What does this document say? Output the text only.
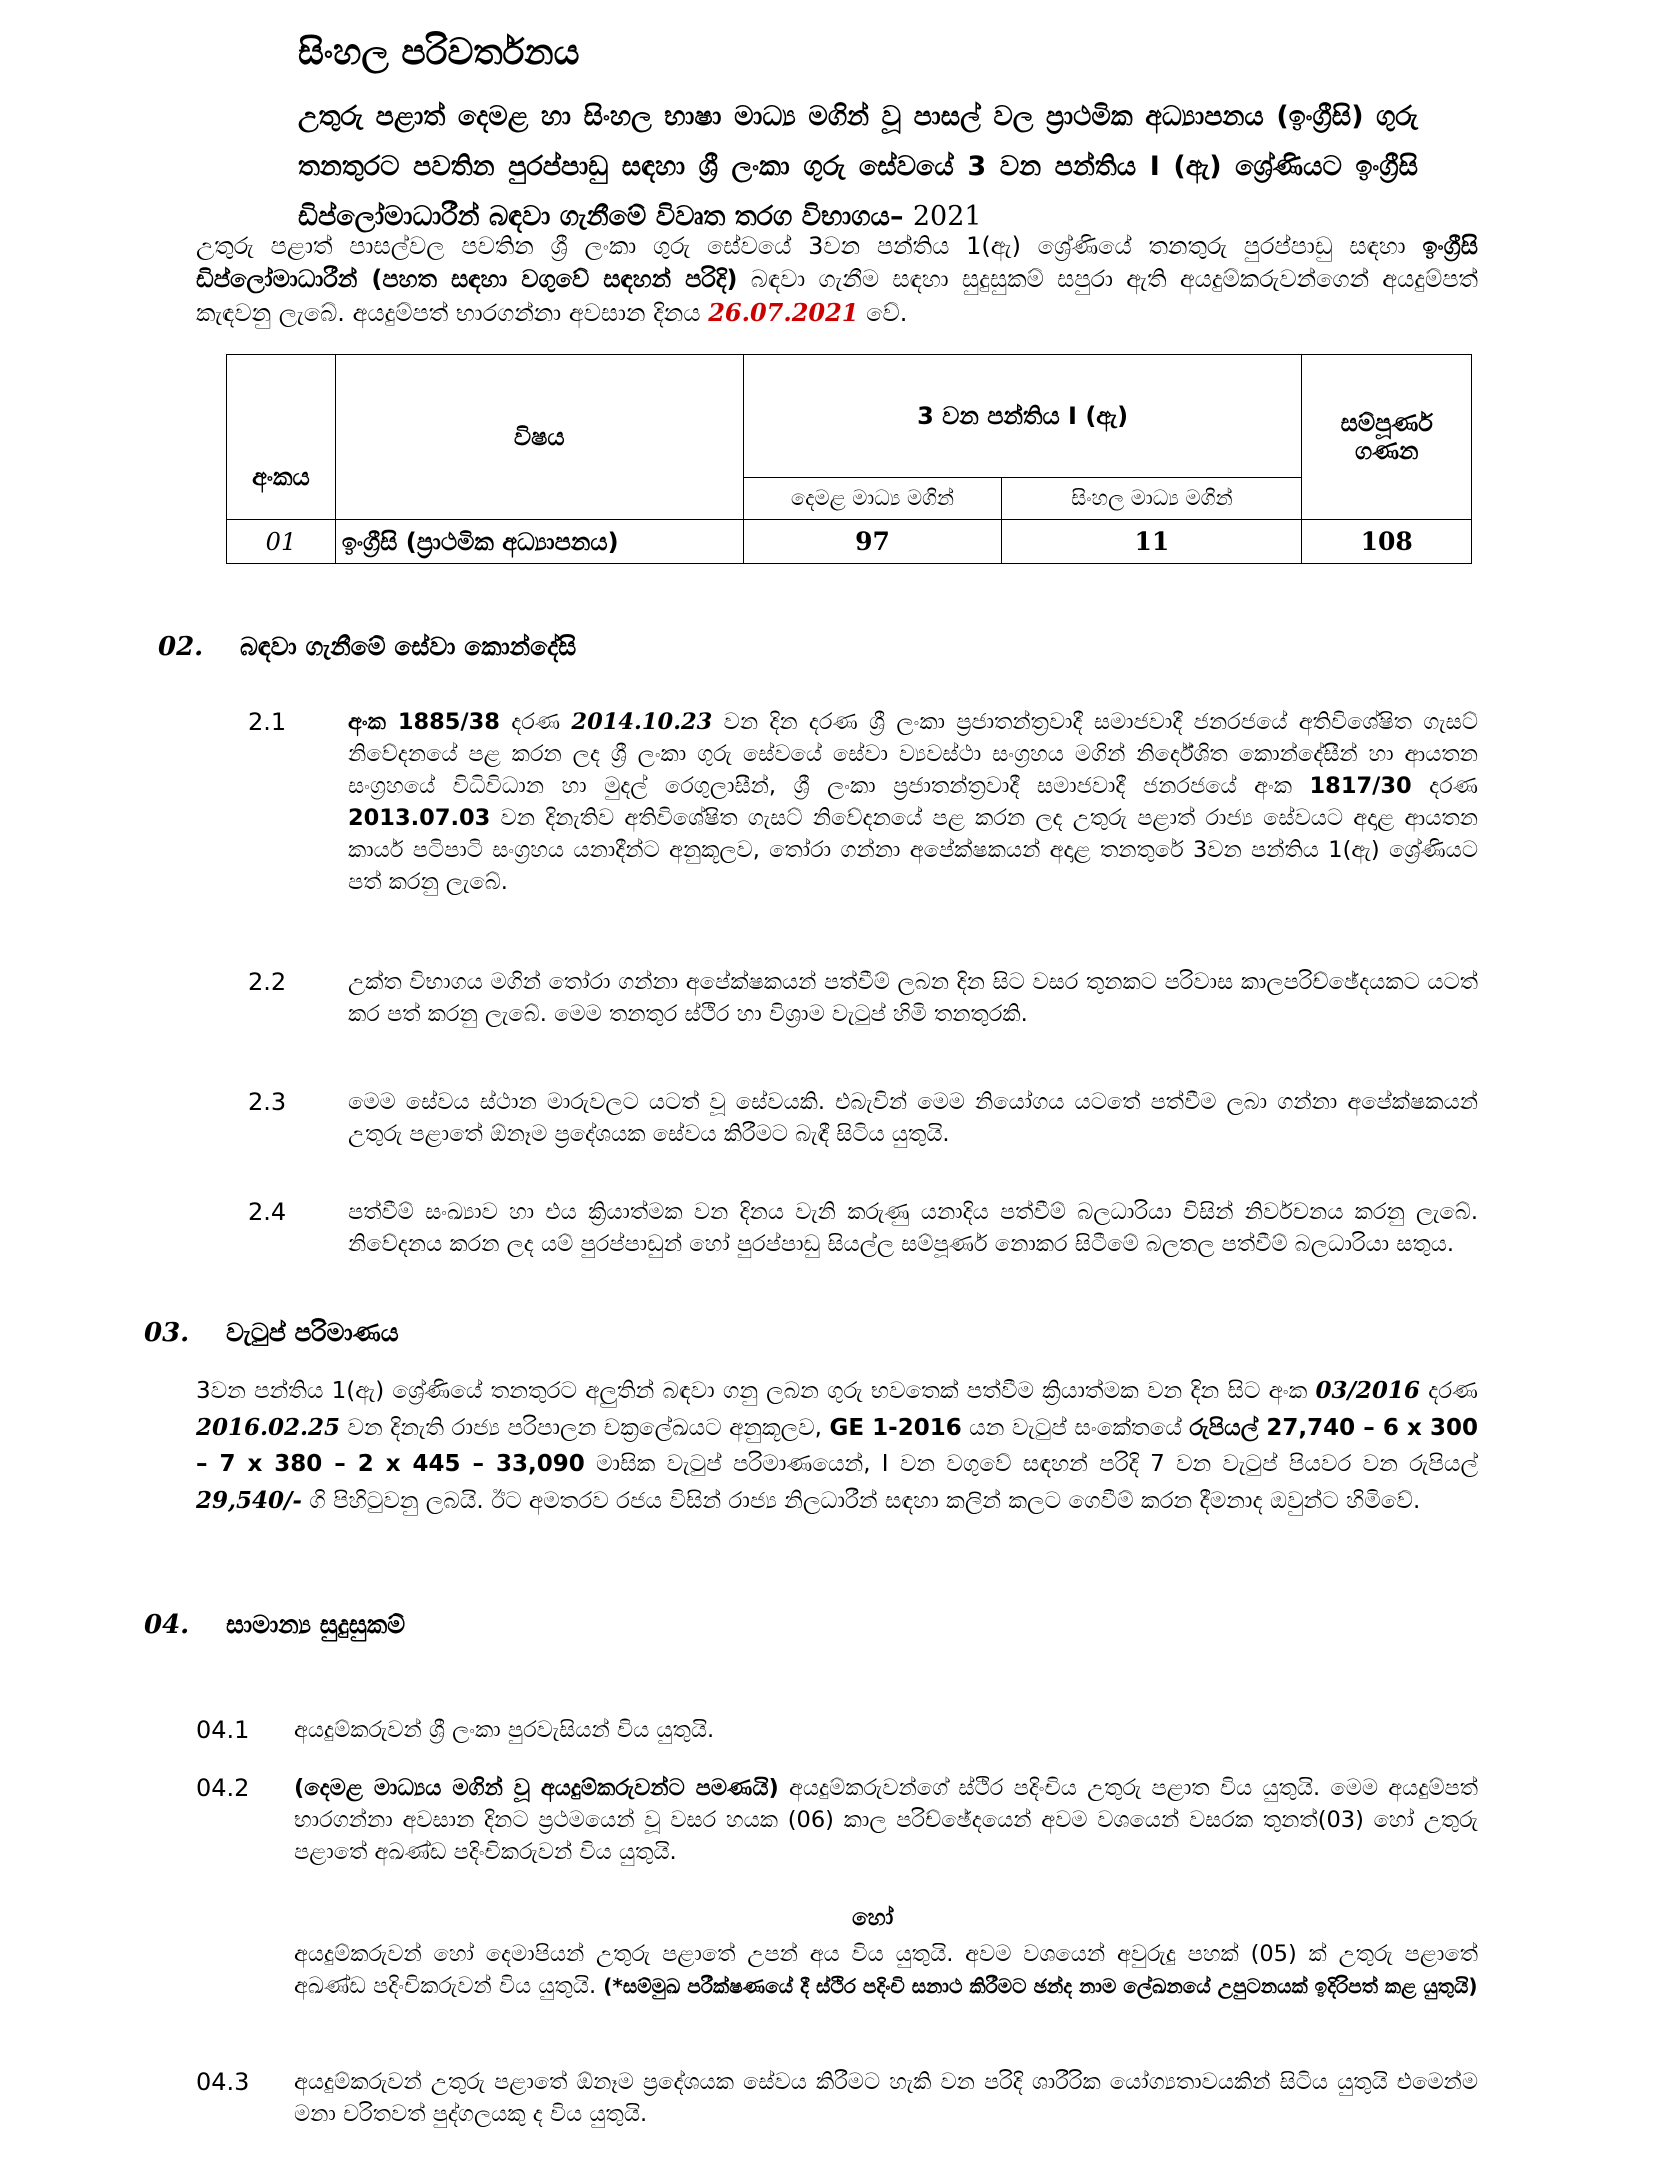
සිංහල පරිවර්තනය
උතුරු පළාත් දෙමළ හා සිංහල භාෂා මාධ්‍ය මගින් වූ පාසල් වල ප්‍රාථමික අධ්‍යාපනය (ඉංග්‍රීසි) ගුරු තනතුරට පවතින පුරප්පාඩු සඳහා ශ්‍රී ලංකා ගුරු සේවයේ 3 වන පන්තිය I (ඇ) ශ්‍රේණියට ඉංග්‍රීසි ඩිප්ලෝමාධාරීන් බඳවා ගැනීමේ විවෘත තරග විභාගය– 2021
උතුරු පළාත් පාසල්වල පවතින ශ්‍රී ලංකා ගුරු සේවයේ 3වන පන්තිය 1(ඇ) ශ්‍රේණියේ තනතුරු පුරප්පාඩු සඳහා ඉංග්‍රීසි ඩිප්ලෝමාධාරීන් (පහත සඳහා වගුවේ සඳහන් පරිදි) බඳවා ගැනීම සඳහා සුදුසුකම් සපුරා ඇති අයදුම්කරුවන්ගෙන් අයදුම්පත් කැඳවනු ලැබේ. අයදුම්පත් භාරගන්නා අවසාන දිනය 26.07.2021 වේ.
අංකය	විෂය	3 වන පන්තිය I (ඇ)		සම්පූර්ණ ගණන
		දෙමළ මාධ්‍ය මගින්	සිංහල මාධ්‍ය මගින්	
01	ඉංග්‍රීසි (ප්‍රාථමික අධ්‍යාපනය)	97	11	108
02. බඳවා ගැනීමේ සේවා කොන්දේසි
2.1	අංක 1885/38 දරණ 2014.10.23 වන දින දරණ ශ්‍රී ලංකා ප්‍රජාතන්ත්‍රවාදී සමාජවාදී ජනරජයේ අතිවිශේෂිත ගැසට් නිවේදනයේ පළ කරන ලද ශ්‍රී ලංකා ගුරු සේවයේ සේවා ව්‍යවස්ථා සංග්‍රහය මගින් නිර්දේශිත කොන්දේසීන් හා ආයතන සංග්‍රහයේ විධිවිධාන හා මුදල් රෙගුලාසීන්, ශ්‍රී ලංකා ප්‍රජාතන්ත්‍රවාදී සමාජවාදී ජනරජයේ අංක 1817/30 දරණ 2013.07.03 වන දිනැතිව අතිවිශේෂිත ගැසට් නිවේදනයේ පළ කරන ලද උතුරු පළාත් රාජ්‍ය සේවයට අදාළ ආයතන කාර්ය පටිපාටි සංග්‍රහය යනාදීන්ට අනුකූලව, තෝරා ගන්නා අපේක්ෂකයන් අදාළ තනතුරේ 3වන පන්තිය 1(ඇ) ශ්‍රේණියට පත් කරනු ලැබේ.
2.2	උක්ත විභාගය මගින් තෝරා ගන්නා අපේක්ෂකයන් පත්වීම් ලබන දින සිට වසර තුනකට පරිවාස කාලපරිච්ඡේදයකට යටත් කර පත් කරනු ලැබේ. මෙම තනතුර ස්ථිර හා විශ්‍රාම වැටුප් හිමි තනතුරකි.
2.3	මෙම සේවය ස්ථාන මාරුවලට යටත් වූ සේවයකි. එබැවින් මෙම නියෝගය යටතේ පත්වීම ලබා ගන්නා අපේක්ෂකයන් උතුරු පළාතේ ඕනෑම ප්‍රදේශයක සේවය කිරීමට බැඳී සිටිය යුතුයි.
2.4	පත්වීම් සංඛ්‍යාව හා එය ක්‍රියාත්මක වන දිනය වැනි කරුණු යනාදිය පත්වීම් බලධාරියා විසින් නිර්වචනය කරනු ලැබේ. නිවේදනය කරන ලද යම් පුරප්පාඩුන් හෝ පුරප්පාඩු සියල්ල සම්පූර්ණ නොකර සිටීමේ බලතල පත්වීම් බලධාරියා සතුය.
03. වැටුප් පරිමාණය
3වන පන්තිය 1(ඇ) ශ්‍රේණියේ තනතුරට අලුතින් බඳවා ගනු ලබන ගුරු භවතෙක් පත්වීම ක්‍රියාත්මක වන දින සිට අංක 03/2016 දරණ 2016.02.25 වන දිනැති රාජ්‍ය පරිපාලන චක්‍රලේඛයට අනුකූලව, GE 1-2016 යන වැටුප් සංකේතයේ රුපියල් 27,740 – 6 x 300 – 7 x 380 – 2 x 445 – 33,090 මාසික වැටුප් පරිමාණයෙන්, I වන වගුවේ සඳහන් පරිදි 7 වන වැටුප් පියවර වන රුපියල් 29,540/- ගි පිහිටුවනු ලබයි. ඊට අමතරව රජය විසින් රාජ්‍ය නිලධාරීන් සඳහා කලින් කලට ගෙවීම් කරන දීමනාද ඔවුන්ට හිමිවේ.
04. සාමාන්‍ය සුදුසුකම්
04.1 අයදුම්කරුවන් ශ්‍රී ලංකා පුරවැසියන් විය යුතුයි.
04.2 (දෙමළ මාධ්‍යය මගින් වූ අයදුම්කරුවන්ට පමණයි) අයදුම්කරුවන්ගේ ස්ථිර පදිංචිය උතුරු පළාත විය යුතුයි. මෙම අයදුම්පත් භාරගන්නා අවසාන දිනට ප්‍රථමයෙන් වූ වසර හයක (06) කාල පරිච්ඡේදයෙන් අවම වශයෙන් වසරක තුනත්(03) හෝ උතුරු පළාතේ අඛණ්ඩ පදිංචිකරුවන් විය යුතුයි.
හෝ
අයදුම්කරුවන් හෝ දෙමාපියන් උතුරු පළාතේ උපන් අය විය යුතුයි. අවම වශයෙන් අවුරුදු පහක් (05) ක් උතුරු පළාතේ අඛණ්ඩ පදිංචිකරුවන් විය යුතුයි. (*සම්මුඛ පරීක්ෂණයේ දී ස්ථිර පදිංචි සනාථ කිරීමට ඡන්ද නාම ලේඛනයේ උපුටනයක් ඉදිරිපත් කළ යුතුයි)
04.3 අයදුම්කරුවන් උතුරු පළාතේ ඕනෑම ප්‍රදේශයක සේවය කිරීමට හැකි වන පරිදි ශාරීරික යෝග්‍යතාවයකින් සිටිය යුතුයි එමෙන්ම මනා චරිතවත් පුද්ගලයකු ද විය යුතුයි.
